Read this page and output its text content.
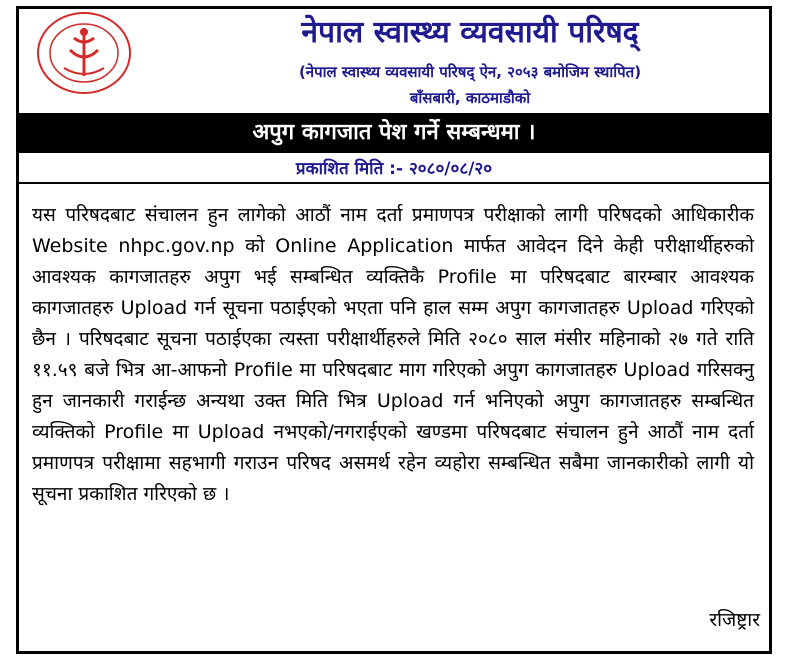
नेपाल स्वास्थ्य व्यवसायी परिषद्
(नेपाल स्वास्थ्य व्यवसायी परिषद् ऐन, २०५३ बमोजिम स्थापित)
बाँसबारी, काठमाडौको
अपुग कागजात पेश गर्ने सम्बन्धमा ।
प्रकाशित मिति :- २०८०/०८/२०
यस परिषदबाट संचालन हुन लागेको आठौं नाम दर्ता प्रमाणपत्र परीक्षाको लागी परिषदको आधिकारीक Website nhpc.gov.np को Online Application मार्फत आवेदन दिने केही परीक्षार्थीहरुको आवश्यक कागजातहरु अपुग भई सम्बन्धित व्यक्तिकै Profile मा परिषदबाट बारम्बार आवश्यक कागजातहरु Upload गर्न सूचना पठाईएको भएता पनि हाल सम्म अपुग कागजातहरु Upload गरिएको छैन । परिषदबाट सूचना पठाईएका त्यस्ता परीक्षार्थीहरुले मिति २०८० साल मंसीर महिनाको २७ गते राति ११.५९ बजे भित्र आ-आफनो Profile मा परिषदबाट माग गरिएको अपुग कागजातहरु Upload गरिसक्नु हुन जानकारी गराईन्छ अन्यथा उक्त मिति भित्र Upload गर्न भनिएको अपुग कागजातहरु सम्बन्धित व्यक्तिको Profile मा Upload नभएको/नगराईएको खण्डमा परिषदबाट संचालन हुने आठौं नाम दर्ता प्रमाणपत्र परीक्षामा सहभागी गराउन परिषद असमर्थ रहेन व्यहोरा सम्बन्धित सबैमा जानकारीको लागी यो सूचना प्रकाशित गरिएको छ ।
रजिष्ट्रार
